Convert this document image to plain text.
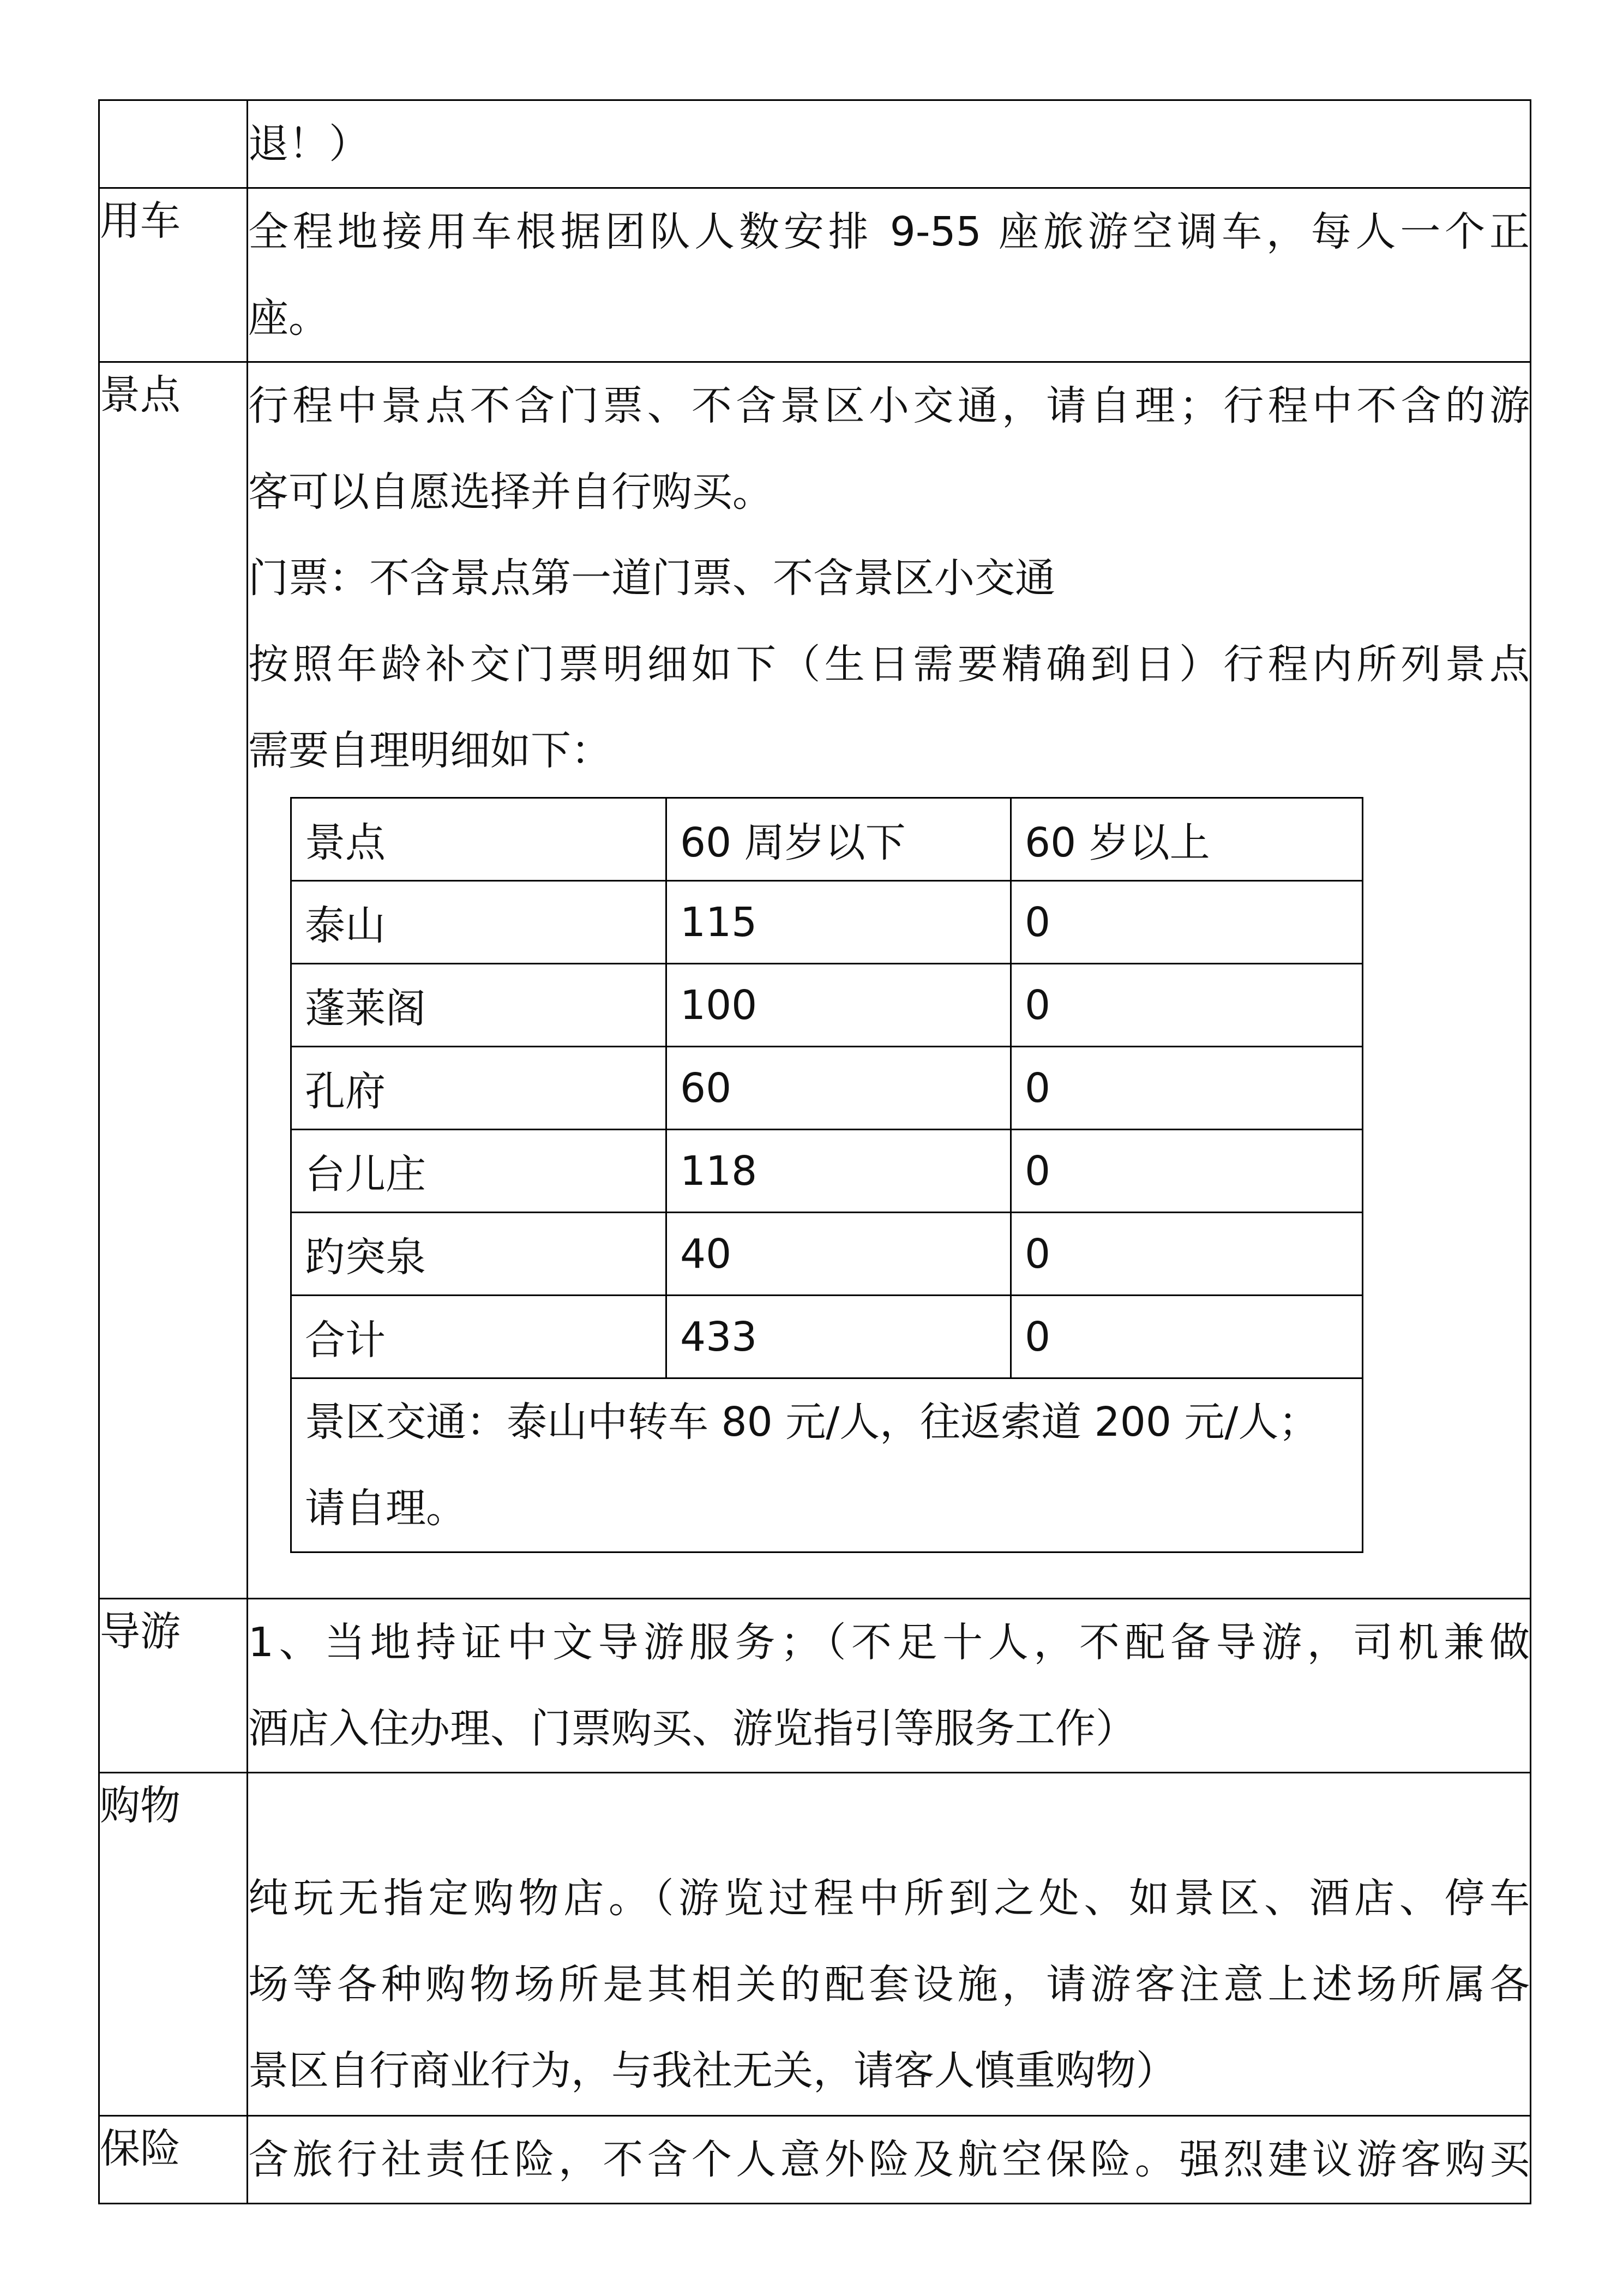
退！）

用车	全程地接用车根据团队人数安排 9-55 座旅游空调车，每人一个正
座。

景点	行程中景点不含门票、不含景区小交通，请自理；行程中不含的游
客可以自愿选择并自行购买。
门票：不含景点第一道门票、不含景区小交通
按照年龄补交门票明细如下（生日需要精确到日）行程内所列景点
需要自理明细如下：
景点	60 周岁以下	60 岁以上
泰山	115	0
蓬莱阁	100	0
孔府	60	0
台儿庄	118	0
趵突泉	40	0
合计	433	0

景区交通：泰山中转车 80 元/人，往返索道 200 元/人；
请自理。

导游	1、当地持证中文导游服务；（不足十人，不配备导游，司机兼做
酒店入住办理、门票购买、游览指引等服务工作）

购物	
纯玩无指定购物店。（游览过程中所到之处、如景区、酒店、停车
场等各种购物场所是其相关的配套设施，请游客注意上述场所属各
景区自行商业行为，与我社无关，请客人慎重购物）

保险	含旅行社责任险，不含个人意外险及航空保险。强烈建议游客购买
